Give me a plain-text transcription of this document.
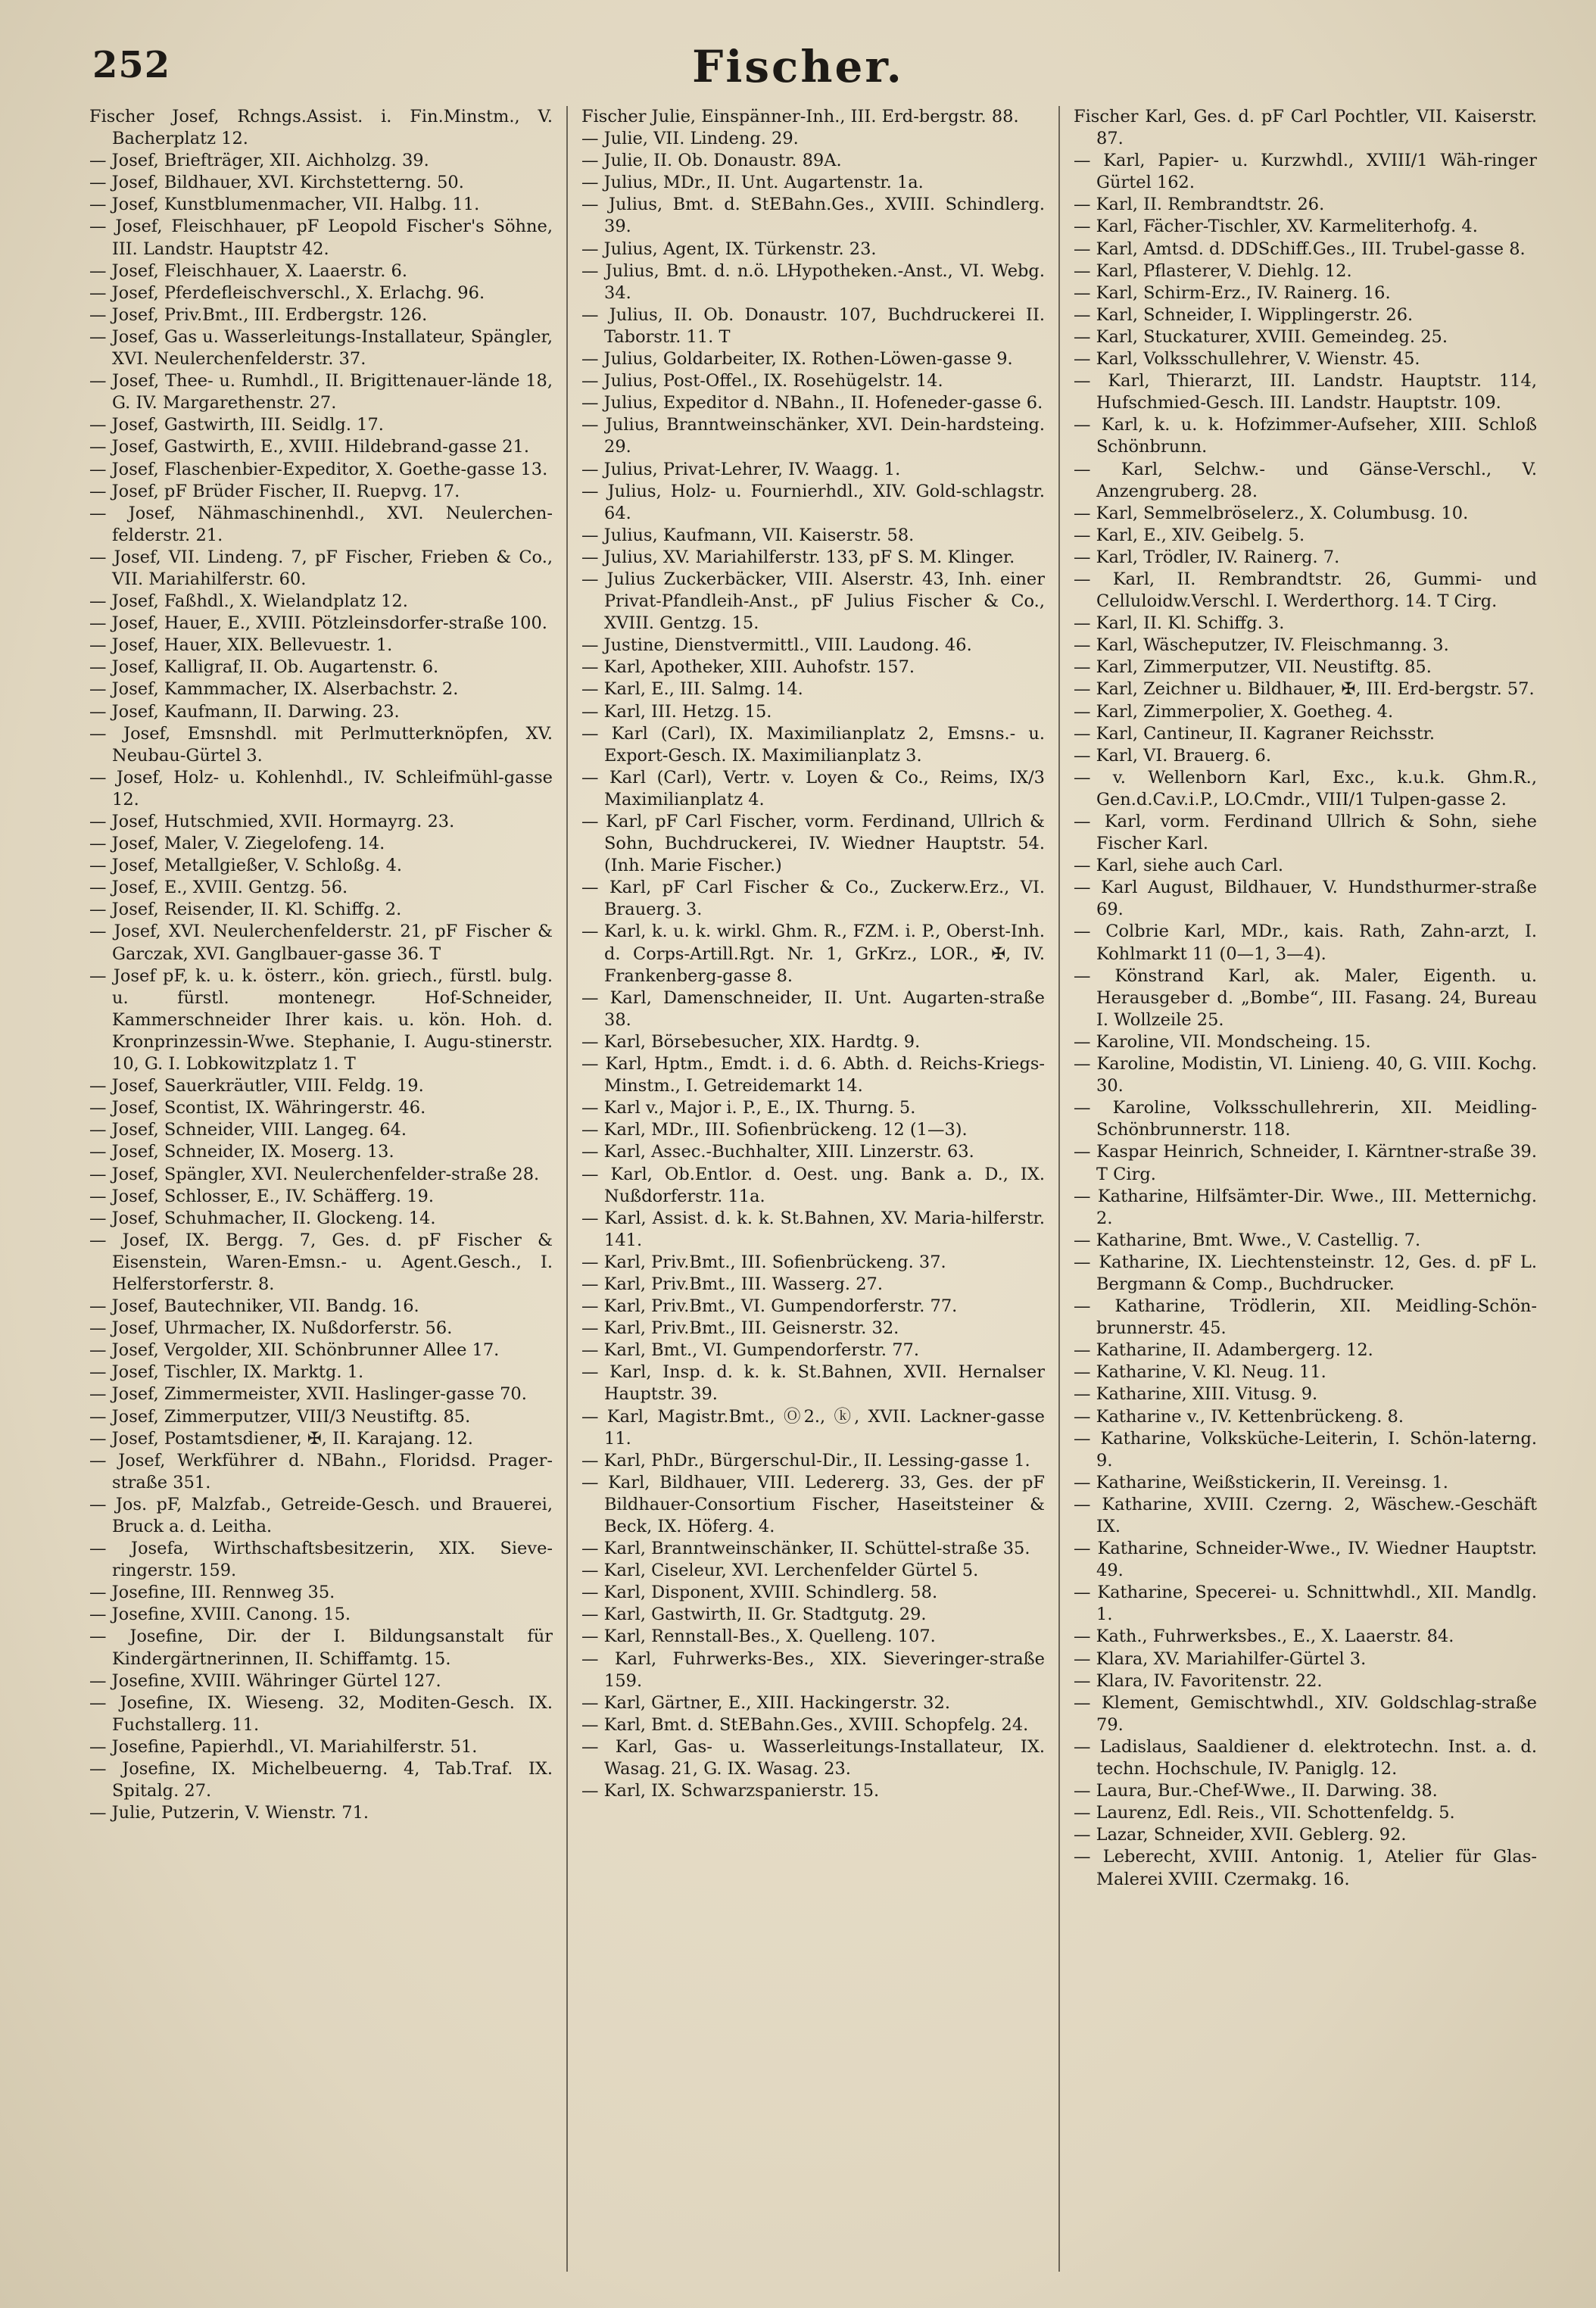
252	Fischer.

Fischer Josef, Rchngs.Assist. i. Fin.Minstm., V. Bacherplatz 12.

— Josef, Briefträger, XII. Aichholzg. 39.

— Josef, Bildhauer, XVI. Kirchstetterng. 50.

— Josef, Kunstblumenmacher, VII. Halbg. 11.

— Josef, Fleischhauer, pF Leopold Fischer's Söhne, III. Landstr. Hauptstr 42.

— Josef, Fleischhauer, X. Laaerstr. 6.

— Josef, Pferdefleischverschl., X. Erlachg. 96.

— Josef, Priv.Bmt., III. Erdbergstr. 126.

— Josef, Gas u. Wasserleitungs-Installateur, Spängler, XVI. Neulerchenfelderstr. 37.

— Josef, Thee- u. Rumhdl., II. Brigittenauer-lände 18, G. IV. Margarethenstr. 27.

— Josef, Gastwirth, III. Seidlg. 17.

— Josef, Gastwirth, E., XVIII. Hildebrand-gasse 21.

— Josef, Flaschenbier-Expeditor, X. Goethe-gasse 13.

— Josef, pF Brüder Fischer, II. Ruepvg. 17.

— Josef, Nähmaschinenhdl., XVI. Neulerchen-felderstr. 21.

— Josef, VII. Lindeng. 7, pF Fischer, Frieben & Co., VII. Mariahilferstr. 60.

— Josef, Faßhdl., X. Wielandplatz 12.

— Josef, Hauer, E., XVIII. Pötzleinsdorfer-straße 100.

— Josef, Hauer, XIX. Bellevuestr. 1.

— Josef, Kalligraf, II. Ob. Augartenstr. 6.

— Josef, Kammmacher, IX. Alserbachstr. 2.

— Josef, Kaufmann, II. Darwing. 23.

— Josef, Emsnshdl. mit Perlmutterknöpfen, XV. Neubau-Gürtel 3.

— Josef, Holz- u. Kohlenhdl., IV. Schleifmühl-gasse 12.

— Josef, Hutschmied, XVII. Hormayrg. 23.

— Josef, Maler, V. Ziegelofeng. 14.

— Josef, Metallgießer, V. Schloßg. 4.

— Josef, E., XVIII. Gentzg. 56.

— Josef, Reisender, II. Kl. Schiffg. 2.

— Josef, XVI. Neulerchenfelderstr. 21, pF Fischer & Garczak, XVI. Ganglbauer-gasse 36. T

— Josef pF, k. u. k. österr., kön. griech., fürstl. bulg. u. fürstl. montenegr. Hof-Schneider, Kammerschneider Ihrer kais. u. kön. Hoh. d. Kronprinzessin-Wwe. Stephanie, I. Augu-stinerstr. 10, G. I. Lobkowitzplatz 1. T

— Josef, Sauerkräutler, VIII. Feldg. 19.

— Josef, Scontist, IX. Währingerstr. 46.

— Josef, Schneider, VIII. Langeg. 64.

— Josef, Schneider, IX. Moserg. 13.

— Josef, Spängler, XVI. Neulerchenfelder-straße 28.

— Josef, Schlosser, E., IV. Schäfferg. 19.

— Josef, Schuhmacher, II. Glockeng. 14.

— Josef, IX. Bergg. 7, Ges. d. pF Fischer & Eisenstein, Waren-Emsn.- u. Agent.Gesch., I. Helferstorferstr. 8.

— Josef, Bautechniker, VII. Bandg. 16.

— Josef, Uhrmacher, IX. Nußdorferstr. 56.

— Josef, Vergolder, XII. Schönbrunner Allee 17.

— Josef, Tischler, IX. Marktg. 1.

— Josef, Zimmermeister, XVII. Haslinger-gasse 70.

— Josef, Zimmerputzer, VIII/3 Neustiftg. 85.

— Josef, Postamtsdiener, ✠, II. Karajang. 12.

— Josef, Werkführer d. NBahn., Floridsd. Prager-straße 351.

— Jos. pF, Malzfab., Getreide-Gesch. und Brauerei, Bruck a. d. Leitha.

— Josefa, Wirthschaftsbesitzerin, XIX. Sieve-ringerstr. 159.

— Josefine, III. Rennweg 35.

— Josefine, XVIII. Canong. 15.

— Josefine, Dir. der I. Bildungsanstalt für Kindergärtnerinnen, II. Schiffamtg. 15.

— Josefine, XVIII. Währinger Gürtel 127.

— Josefine, IX. Wieseng. 32, Moditen-Gesch. IX. Fuchstallerg. 11.

— Josefine, Papierhdl., VI. Mariahilferstr. 51.

— Josefine, IX. Michelbeuerng. 4, Tab.Traf. IX. Spitalg. 27.

— Julie, Putzerin, V. Wienstr. 71.

Fischer Julie, Einspänner-Inh., III. Erd-bergstr. 88.

— Julie, VII. Lindeng. 29.

— Julie, II. Ob. Donaustr. 89A.

— Julius, MDr., II. Unt. Augartenstr. 1a.

— Julius, Bmt. d. StEBahn.Ges., XVIII. Schindlerg. 39.

— Julius, Agent, IX. Türkenstr. 23.

— Julius, Bmt. d. n.ö. LHypotheken.-Anst., VI. Webg. 34.

— Julius, II. Ob. Donaustr. 107, Buchdruckerei II. Taborstr. 11. T

— Julius, Goldarbeiter, IX. Rothen-Löwen-gasse 9.

— Julius, Post-Offel., IX. Rosehügelstr. 14.

— Julius, Expeditor d. NBahn., II. Hofeneder-gasse 6.

— Julius, Branntweinschänker, XVI. Dein-hardsteing. 29.

— Julius, Privat-Lehrer, IV. Waagg. 1.

— Julius, Holz- u. Fournierhdl., XIV. Gold-schlagstr. 64.

— Julius, Kaufmann, VII. Kaiserstr. 58.

— Julius, XV. Mariahilferstr. 133, pF S. M. Klinger.

— Julius Zuckerbäcker, VIII. Alserstr. 43, Inh. einer Privat-Pfandleih-Anst., pF Julius Fischer & Co., XVIII. Gentzg. 15.

— Justine, Dienstvermittl., VIII. Laudong. 46.

— Karl, Apotheker, XIII. Auhofstr. 157.

— Karl, E., III. Salmg. 14.

— Karl, III. Hetzg. 15.

— Karl (Carl), IX. Maximilianplatz 2, Emsns.- u. Export-Gesch. IX. Maximilianplatz 3.

— Karl (Carl), Vertr. v. Loyen & Co., Reims, IX/3 Maximilianplatz 4.

— Karl, pF Carl Fischer, vorm. Ferdinand, Ullrich & Sohn, Buchdruckerei, IV. Wiedner Hauptstr. 54. (Inh. Marie Fischer.)

— Karl, pF Carl Fischer & Co., Zuckerw.Erz., VI. Brauerg. 3.

— Karl, k. u. k. wirkl. Ghm. R., FZM. i. P., Oberst-Inh. d. Corps-Artill.Rgt. Nr. 1, GrKrz., LOR., ✠, IV. Frankenberg-gasse 8.

— Karl, Damenschneider, II. Unt. Augarten-straße 38.

— Karl, Börsebesucher, XIX. Hardtg. 9.

— Karl, Hptm., Emdt. i. d. 6. Abth. d. Reichs-Kriegs-Minstm., I. Getreidemarkt 14.

— Karl v., Major i. P., E., IX. Thurng. 5.

— Karl, MDr., III. Sofienbrückeng. 12 (1—3).

— Karl, Assec.-Buchhalter, XIII. Linzerstr. 63.

— Karl, Ob.Entlor. d. Oest. ung. Bank a. D., IX. Nußdorferstr. 11a.

— Karl, Assist. d. k. k. St.Bahnen, XV. Maria-hilferstr. 141.

— Karl, Priv.Bmt., III. Sofienbrückeng. 37.

— Karl, Priv.Bmt., III. Wasserg. 27.

— Karl, Priv.Bmt., VI. Gumpendorferstr. 77.

— Karl, Priv.Bmt., III. Geisnerstr. 32.

— Karl, Bmt., VI. Gumpendorferstr. 77.

— Karl, Insp. d. k. k. St.Bahnen, XVII. Hernalser Hauptstr. 39.

— Karl, Magistr.Bmt., Ⓞ2., ⓚ, XVII. Lackner-gasse 11.

— Karl, PhDr., Bürgerschul-Dir., II. Lessing-gasse 1.

— Karl, Bildhauer, VIII. Ledererg. 33, Ges. der pF Bildhauer-Consortium Fischer, Haseitsteiner & Beck, IX. Höferg. 4.

— Karl, Branntweinschänker, II. Schüttel-straße 35.

— Karl, Ciseleur, XVI. Lerchenfelder Gürtel 5.

— Karl, Disponent, XVIII. Schindlerg. 58.

— Karl, Gastwirth, II. Gr. Stadtgutg. 29.

— Karl, Rennstall-Bes., X. Quelleng. 107.

— Karl, Fuhrwerks-Bes., XIX. Sieveringer-straße 159.

— Karl, Gärtner, E., XIII. Hackingerstr. 32.

— Karl, Bmt. d. StEBahn.Ges., XVIII. Schopfelg. 24.

— Karl, Gas- u. Wasserleitungs-Installateur, IX. Wasag. 21, G. IX. Wasag. 23.

— Karl, IX. Schwarzspanierstr. 15.

Fischer Karl, Ges. d. pF Carl Pochtler, VII. Kaiserstr. 87.

— Karl, Papier- u. Kurzwhdl., XVIII/1 Wäh-ringer Gürtel 162.

— Karl, II. Rembrandtstr. 26.

— Karl, Fächer-Tischler, XV. Karmeliterhofg. 4.

— Karl, Amtsd. d. DDSchiff.Ges., III. Trubel-gasse 8.

— Karl, Pflasterer, V. Diehlg. 12.

— Karl, Schirm-Erz., IV. Rainerg. 16.

— Karl, Schneider, I. Wipplingerstr. 26.

— Karl, Stuckaturer, XVIII. Gemeindeg. 25.

— Karl, Volksschullehrer, V. Wienstr. 45.

— Karl, Thierarzt, III. Landstr. Hauptstr. 114, Hufschmied-Gesch. III. Landstr. Hauptstr. 109.

— Karl, k. u. k. Hofzimmer-Aufseher, XIII. Schloß Schönbrunn.

— Karl, Selchw.- und Gänse-Verschl., V. Anzengruberg. 28.

— Karl, Semmelbröselerz., X. Columbusg. 10.

— Karl, E., XIV. Geibelg. 5.

— Karl, Trödler, IV. Rainerg. 7.

— Karl, II. Rembrandtstr. 26, Gummi- und Celluloidw.Verschl. I. Werderthorg. 14. T Cirg.

— Karl, II. Kl. Schiffg. 3.

— Karl, Wäscheputzer, IV. Fleischmanng. 3.

— Karl, Zimmerputzer, VII. Neustiftg. 85.

— Karl, Zeichner u. Bildhauer, ✠, III. Erd-bergstr. 57.

— Karl, Zimmerpolier, X. Goetheg. 4.

— Karl, Cantineur, II. Kagraner Reichsstr.

— Karl, VI. Brauerg. 6.

— v. Wellenborn Karl, Exc., k.u.k. Ghm.R., Gen.d.Cav.i.P., LO.Cmdr., VIII/1 Tulpen-gasse 2.

— Karl, vorm. Ferdinand Ullrich & Sohn, siehe Fischer Karl.

— Karl, siehe auch Carl.

— Karl August, Bildhauer, V. Hundsthurmer-straße 69.

— Colbrie Karl, MDr., kais. Rath, Zahn-arzt, I. Kohlmarkt 11 (0—1, 3—4).

— Könstrand Karl, ak. Maler, Eigenth. u. Herausgeber d. „Bombe“, III. Fasang. 24, Bureau I. Wollzeile 25.

— Karoline, VII. Mondscheing. 15.

— Karoline, Modistin, VI. Linieng. 40, G. VIII. Kochg. 30.

— Karoline, Volksschullehrerin, XII. Meidling-Schönbrunnerstr. 118.

— Kaspar Heinrich, Schneider, I. Kärntner-straße 39. T Cirg.

— Katharine, Hilfsämter-Dir. Wwe., III. Metternichg. 2.

— Katharine, Bmt. Wwe., V. Castellig. 7.

— Katharine, IX. Liechtensteinstr. 12, Ges. d. pF L. Bergmann & Comp., Buchdrucker.

— Katharine, Trödlerin, XII. Meidling-Schön-brunnerstr. 45.

— Katharine, II. Adambergerg. 12.

— Katharine, V. Kl. Neug. 11.

— Katharine, XIII. Vitusg. 9.

— Katharine v., IV. Kettenbrückeng. 8.

— Katharine, Volksküche-Leiterin, I. Schön-laterng. 9.

— Katharine, Weißstickerin, II. Vereinsg. 1.

— Katharine, XVIII. Czerng. 2, Wäschew.-Geschäft IX.

— Katharine, Schneider-Wwe., IV. Wiedner Hauptstr. 49.

— Katharine, Specerei- u. Schnittwhdl., XII. Mandlg. 1.

— Kath., Fuhrwerksbes., E., X. Laaerstr. 84.

— Klara, XV. Mariahilfer-Gürtel 3.

— Klara, IV. Favoritenstr. 22.

— Klement, Gemischtwhdl., XIV. Goldschlag-straße 79.

— Ladislaus, Saaldiener d. elektrotechn. Inst. a. d. techn. Hochschule, IV. Paniglg. 12.

— Laura, Bur.-Chef-Wwe., II. Darwing. 38.

— Laurenz, Edl. Reis., VII. Schottenfeldg. 5.

— Lazar, Schneider, XVII. Geblerg. 92.

— Leberecht, XVIII. Antonig. 1, Atelier für Glas-Malerei XVIII. Czermakg. 16.
